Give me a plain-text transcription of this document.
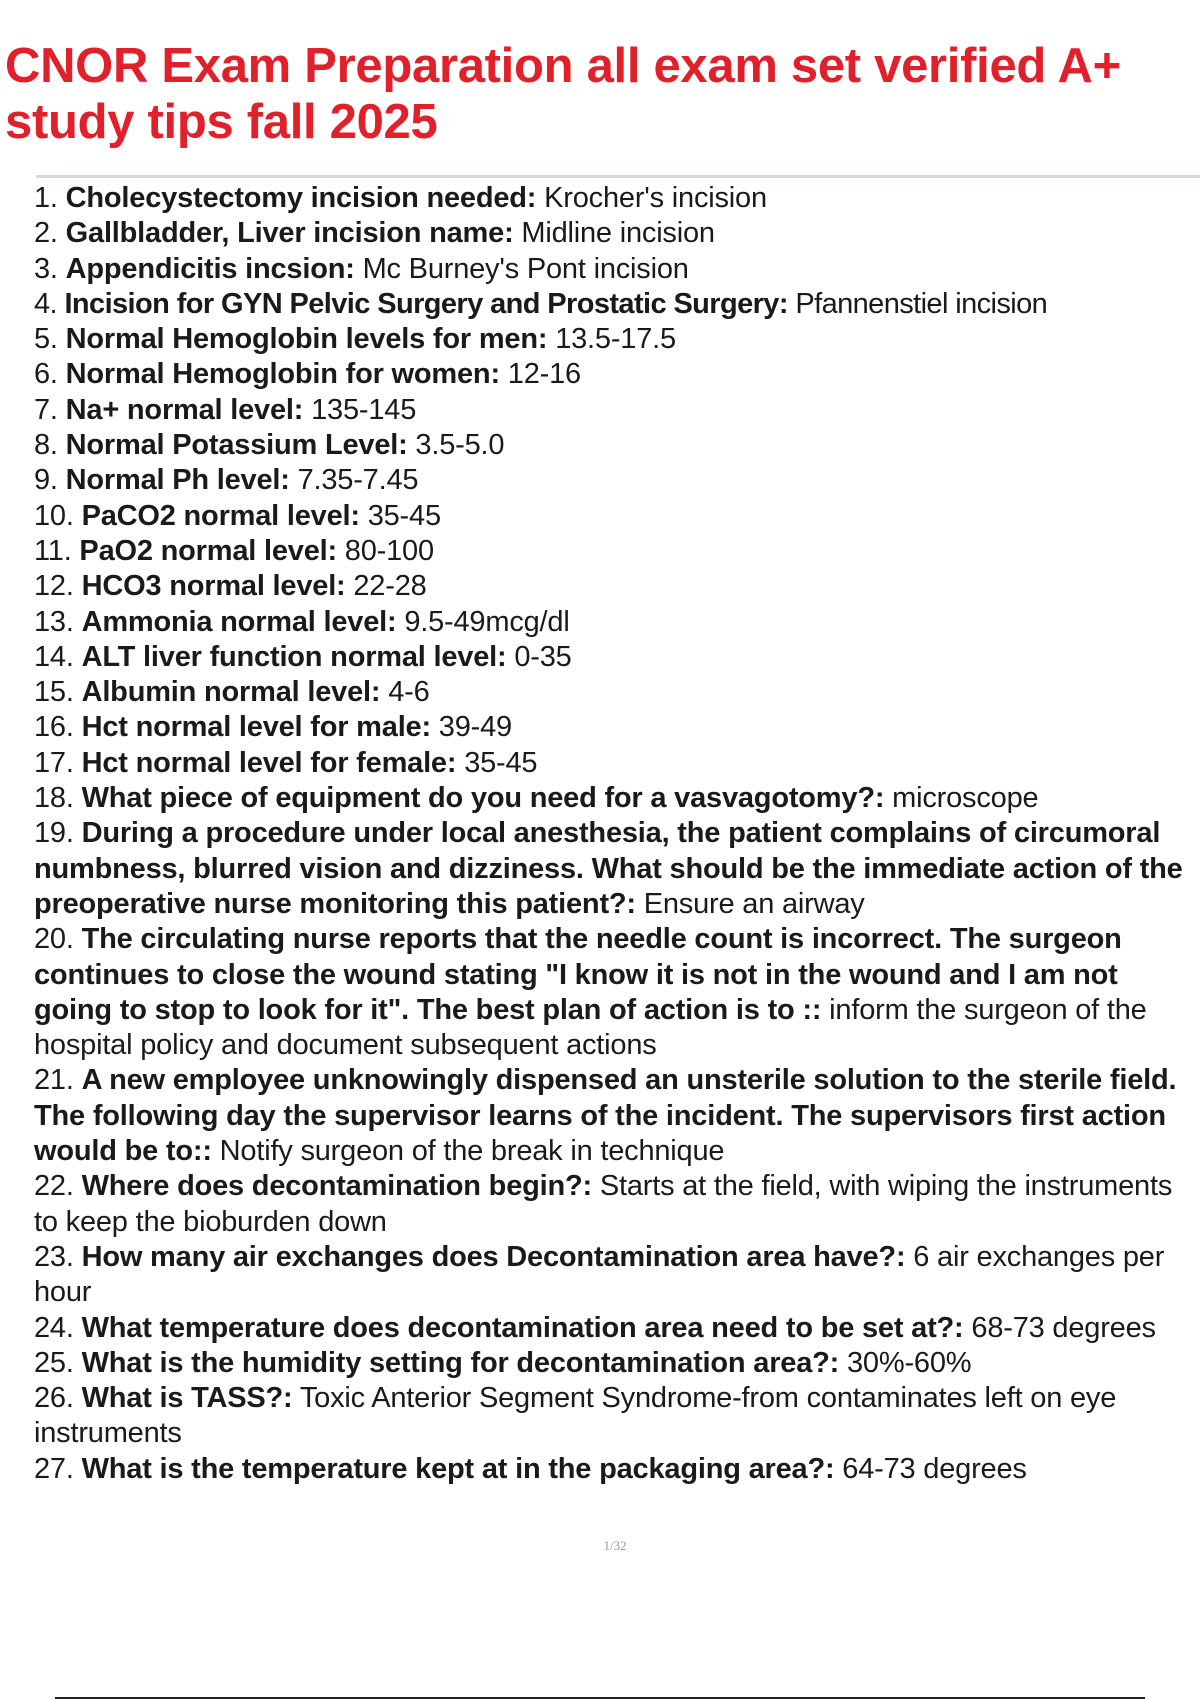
CNOR Exam Preparation all exam set verified A+ study tips fall 2025
1. Cholecystectomy incision needed: Krocher's incision
2. Gallbladder, Liver incision name: Midline incision
3. Appendicitis incsion: Mc Burney's Pont incision
4. Incision for GYN Pelvic Surgery and Prostatic Surgery: Pfannenstiel incision
5. Normal Hemoglobin levels for men: 13.5-17.5
6. Normal Hemoglobin for women: 12-16
7. Na+ normal level: 135-145
8. Normal Potassium Level: 3.5-5.0
9. Normal Ph level: 7.35-7.45
10. PaCO2 normal level: 35-45
11. PaO2 normal level: 80-100
12. HCO3 normal level: 22-28
13. Ammonia normal level: 9.5-49mcg/dl
14. ALT liver function normal level: 0-35
15. Albumin normal level: 4-6
16. Hct normal level for male: 39-49
17. Hct normal level for female: 35-45
18. What piece of equipment do you need for a vasvagotomy?: microscope
19. During a procedure under local anesthesia, the patient complains of circumoral numbness, blurred vision and dizziness. What should be the immediate action of the preoperative nurse monitoring this patient?: Ensure an airway
20. The circulating nurse reports that the needle count is incorrect. The surgeon continues to close the wound stating "I know it is not in the wound and I am not going to stop to look for it". The best plan of action is to :: inform the surgeon of the hospital policy and document subsequent actions
21. A new employee unknowingly dispensed an unsterile solution to the sterile field. The following day the supervisor learns of the incident. The supervisors first action would be to:: Notify surgeon of the break in technique
22. Where does decontamination begin?: Starts at the field, with wiping the instruments to keep the bioburden down
23. How many air exchanges does Decontamination area have?: 6 air exchanges per hour
24. What temperature does decontamination area need to be set at?: 68-73 degrees
25. What is the humidity setting for decontamination area?: 30%-60%
26. What is TASS?: Toxic Anterior Segment Syndrome-from contaminates left on eye instruments
27. What is the temperature kept at in the packaging area?: 64-73 degrees
1/32
